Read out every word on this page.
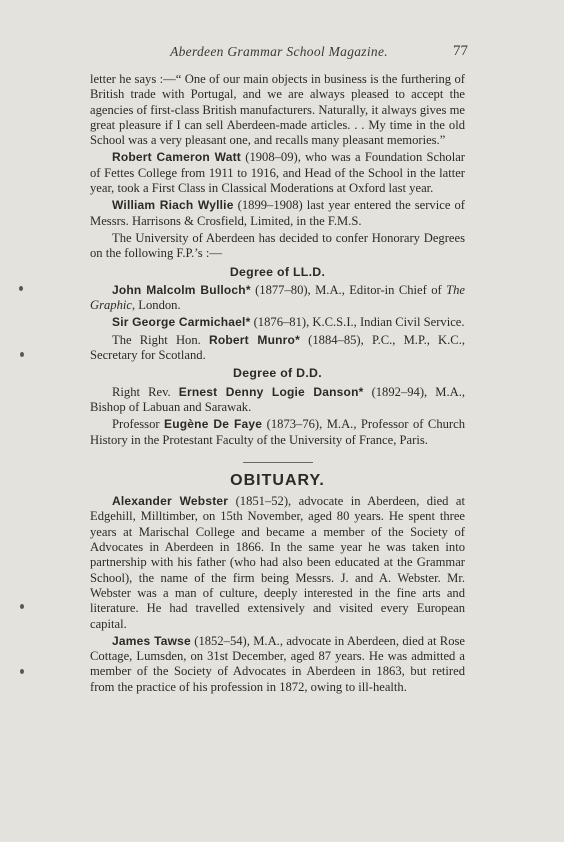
Aberdeen Grammar School Magazine.	77

letter he says :—“ One of our main objects in business is the furthering of British trade with Portugal, and we are always pleased to accept the agencies of first-class British manufacturers. Naturally, it always gives me great pleasure if I can sell Aberdeen-made articles. . . My time in the old School was a very pleasant one, and recalls many pleasant memories.”

Robert Cameron Watt (1908–09), who was a Foundation Scholar of Fettes College from 1911 to 1916, and Head of the School in the latter year, took a First Class in Classical Moderations at Oxford last year.

William Riach Wyllie (1899–1908) last year entered the service of Messrs. Harrisons & Crosfield, Limited, in the F.M.S.

The University of Aberdeen has decided to confer Honorary Degrees on the following F.P.’s :—

Degree of LL.D.

John Malcolm Bulloch* (1877–80), M.A., Editor-in Chief of The Graphic, London.

Sir George Carmichael* (1876–81), K.C.S.I., Indian Civil Service.

The Right Hon. Robert Munro* (1884–85), P.C., M.P., K.C., Secretary for Scotland.

Degree of D.D.

Right Rev. Ernest Denny Logie Danson* (1892–94), M.A., Bishop of Labuan and Sarawak.

Professor Eugène De Faye (1873–76), M.A., Professor of Church History in the Protestant Faculty of the University of France, Paris.

OBITUARY.

Alexander Webster (1851–52), advocate in Aberdeen, died at Edgehill, Milltimber, on 15th November, aged 80 years. He spent three years at Marischal College and became a member of the Society of Advocates in Aberdeen in 1866. In the same year he was taken into partnership with his father (who had also been educated at the Grammar School), the name of the firm being Messrs. J. and A. Webster. Mr. Webster was a man of culture, deeply interested in the fine arts and literature. He had travelled extensively and visited every European capital.

James Tawse (1852–54), M.A., advocate in Aberdeen, died at Rose Cottage, Lumsden, on 31st December, aged 87 years. He was admitted a member of the Society of Advocates in Aberdeen in 1863, but retired from the practice of his profession in 1872, owing to ill-health.
